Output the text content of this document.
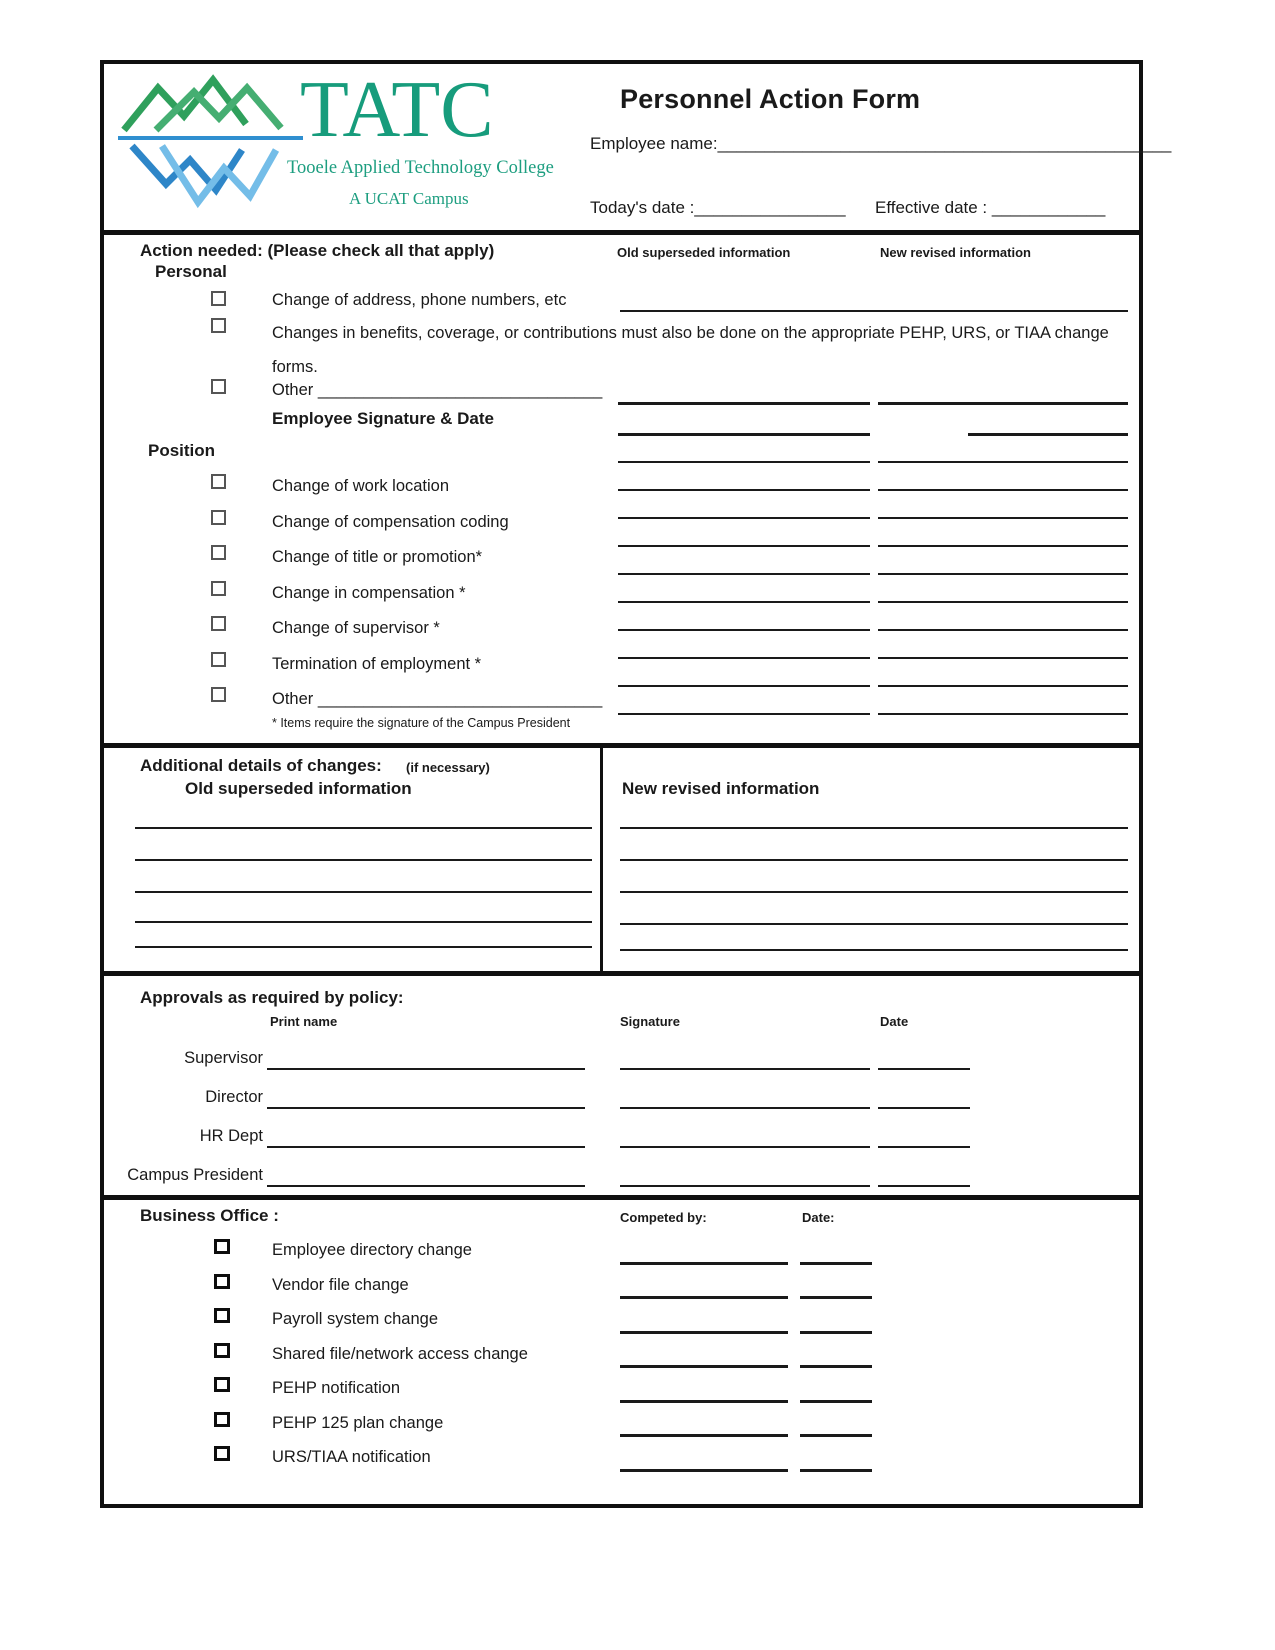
TATC
Tooele Applied Technology College
A UCAT Campus
Personnel Action Form
Employee name:________________________________________________
Today's date :________________ Effective date : ____________
Action needed: (Please check all that apply)	Old superseded information	New revised information
Personal
Change of address, phone numbers, etc
Changes in benefits, coverage, or contributions must also be done on the appropriate PEHP, URS, or TIAA change forms.
Other _______________________________
Employee Signature & Date
Position
Change of work location
Change of compensation coding
Change of title or promotion*
Change in compensation *
Change of supervisor *
Termination of employment *
Other _______________________________
* Items require the signature of the Campus President
Additional details of changes: (if necessary)
Old superseded information	New revised information
Approvals as required by policy:
Print name	Signature	Date
Supervisor
Director
HR Dept
Campus President
Business Office :	Competed by:	Date:
Employee directory change
Vendor file change
Payroll system change
Shared file/network access change
PEHP notification
PEHP 125 plan change
URS/TIAA notification
